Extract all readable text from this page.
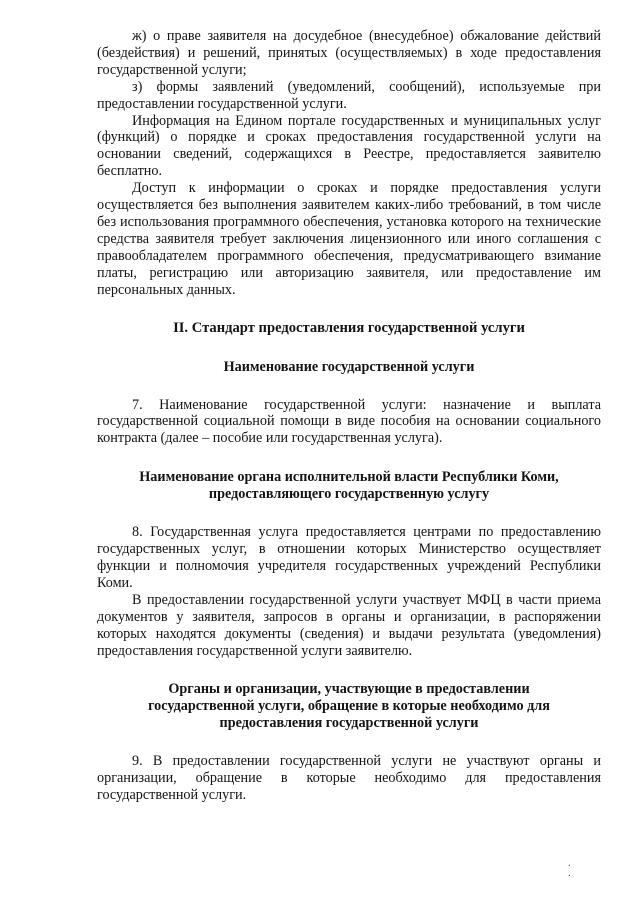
ж) о праве заявителя на досудебное (внесудебное) обжалование действий (бездействия) и решений, принятых (осуществляемых) в ходе предоставления государственной услуги;

з) формы заявлений (уведомлений, сообщений), используемые при предоставлении государственной услуги.

Информация на Едином портале государственных и муниципальных услуг (функций) о порядке и сроках предоставления государственной услуги на основании сведений, содержащихся в Реестре, предоставляется заявителю бесплатно.

Доступ к информации о сроках и порядке предоставления услуги осуществляется без выполнения заявителем каких-либо требований, в том числе без использования программного обеспечения, установка которого на технические средства заявителя требует заключения лицензионного или иного соглашения с правообладателем программного обеспечения, предусматривающего взимание платы, регистрацию или авторизацию заявителя, или предоставление им персональных данных.

II. Стандарт предоставления государственной услуги
Наименование государственной услуги

7. Наименование государственной услуги: назначение и выплата государственной социальной помощи в виде пособия на основании социального контракта (далее – пособие или государственная услуга).

Наименование органа исполнительной власти Республики Коми,
предоставляющего государственную услугу

8. Государственная услуга предоставляется центрами по предоставлению государственных услуг, в отношении которых Министерство осуществляет функции и полномочия учредителя государственных учреждений Республики Коми.

В предоставлении государственной услуги участвует МФЦ в части приема документов у заявителя, запросов в органы и организации, в распоряжении которых находятся документы (сведения) и выдачи результата (уведомления) предоставления государственной услуги заявителю.

Органы и организации, участвующие в предоставлении
государственной услуги, обращение в которые необходимо для
предоставления государственной услуги

9. В предоставлении государственной услуги не участвуют органы и организации, обращение в которые необходимо для предоставления государственной услуги.

.
.
